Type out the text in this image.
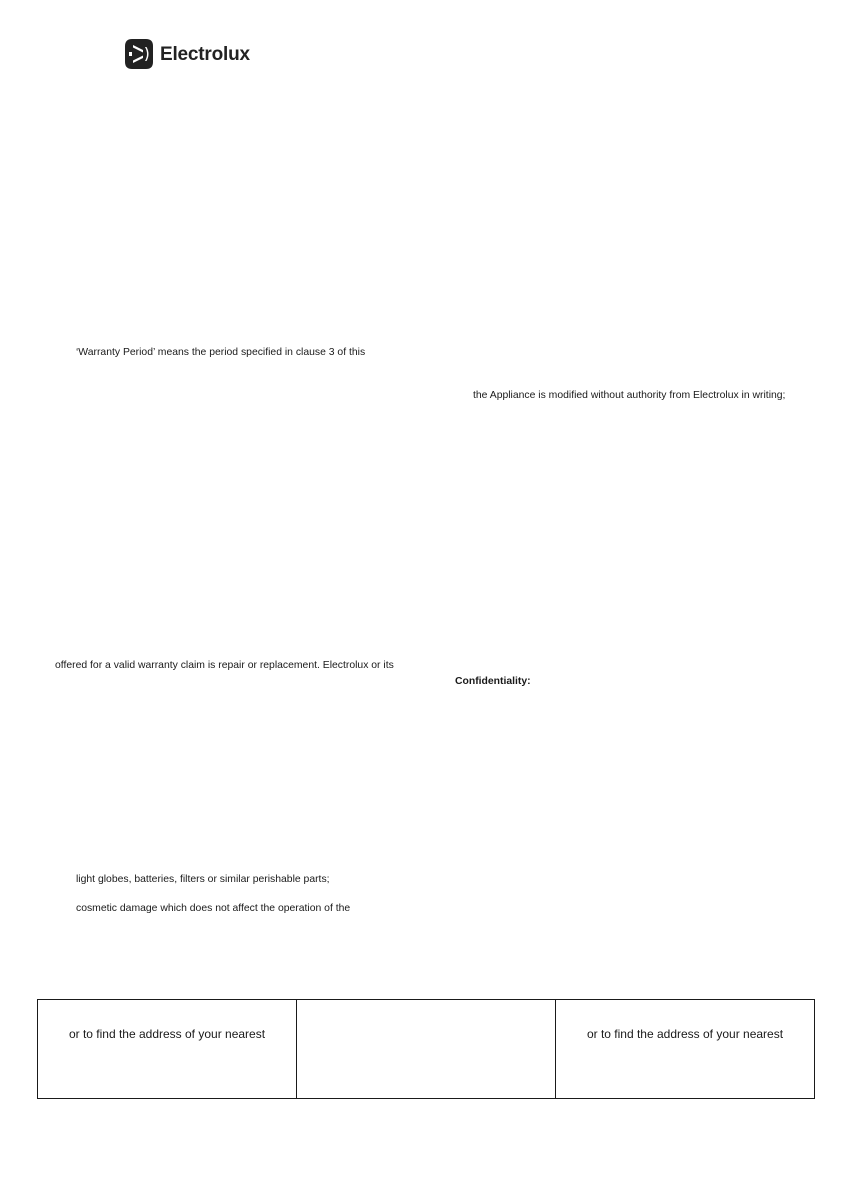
Electrolux
‘Warranty Period’ means the period specified in clause 3 of this
the Appliance is modified without authority from Electrolux in writing;
offered for a valid warranty claim is repair or replacement. Electrolux or its
Confidentiality:
light globes, batteries, filters or similar perishable parts;
cosmetic damage which does not affect the operation of the
or to find the address of your nearest	or to find the address of your nearest
